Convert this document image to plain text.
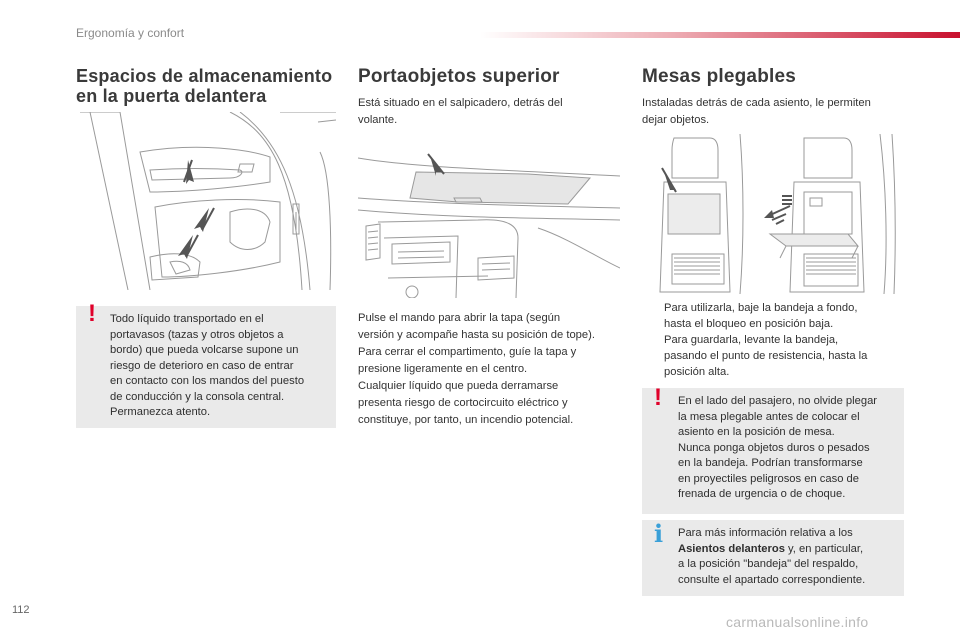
Ergonomía y confort
Espacios de almacenamiento
en la puerta delantera
! Todo líquido transportado en el
portavasos (tazas y otros objetos a
bordo) que pueda volcarse supone un
riesgo de deterioro en caso de entrar
en contacto con los mandos del puesto
de conducción y la consola central.
Permanezca atento.
Portaobjetos superior
Está situado en el salpicadero, detrás del
volante.
Pulse el mando para abrir la tapa (según
versión y acompañe hasta su posición de tope).
Para cerrar el compartimento, guíe la tapa y
presione ligeramente en el centro.
Cualquier líquido que pueda derramarse
presenta riesgo de cortocircuito eléctrico y
constituye, por tanto, un incendio potencial.
Mesas plegables
Instaladas detrás de cada asiento, le permiten
dejar objetos.
Para utilizarla, baje la bandeja a fondo,
hasta el bloqueo en posición baja.
Para guardarla, levante la bandeja,
pasando el punto de resistencia, hasta la
posición alta.
! En el lado del pasajero, no olvide plegar
la mesa plegable antes de colocar el
asiento en la posición de mesa.
Nunca ponga objetos duros o pesados
en la bandeja. Podrían transformarse
en proyectiles peligrosos en caso de
frenada de urgencia o de choque.
i Para más información relativa a los
Asientos delanteros y, en particular,
a la posición "bandeja" del respaldo,
consulte el apartado correspondiente.
112
carmanualsonline.info
